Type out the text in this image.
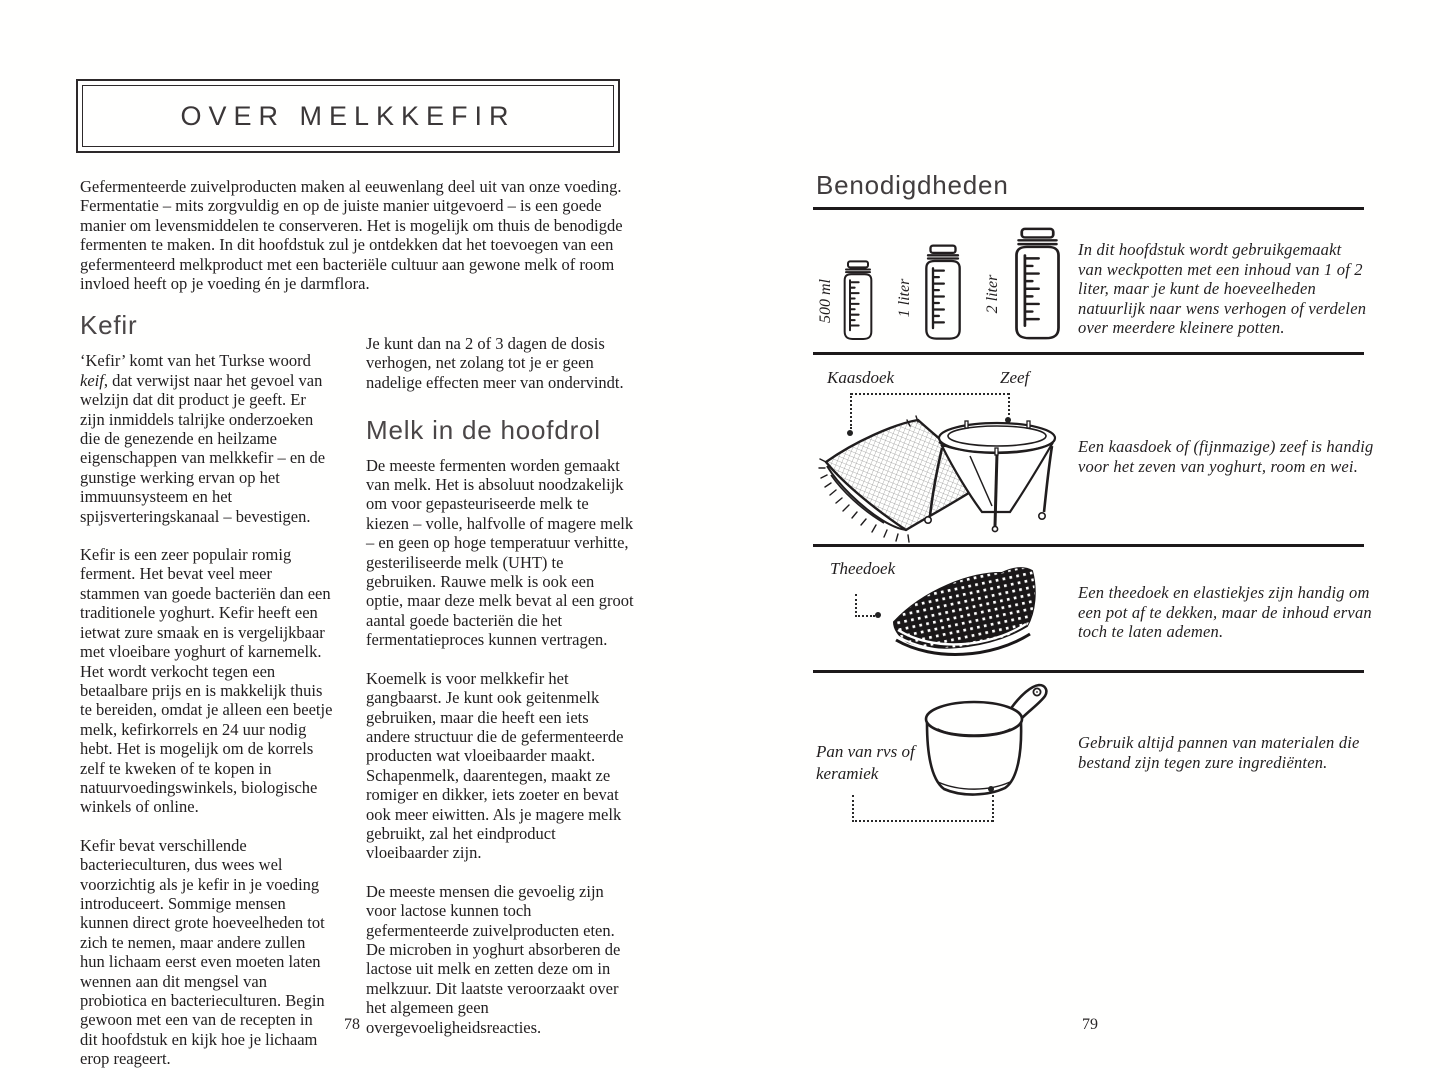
OVER MELKKEFIR
Gefermenteerde zuivelproducten maken al eeuwenlang deel uit van onze voeding. Fermentatie – mits zorgvuldig en op de juiste manier uitgevoerd – is een goede manier om levensmiddelen te conserveren. Het is mogelijk om thuis de benodigde fermenten te maken. In dit hoofdstuk zul je ontdekken dat het toevoegen van een gefermenteerd melkproduct met een bacteriële cultuur aan gewone melk of room invloed heeft op je voeding én je darmflora.
Kefir

‘Kefir’ komt van het Turkse woord keif, dat verwijst naar het gevoel van welzijn dat dit product je geeft. Er zijn inmiddels talrijke onderzoeken die de genezende en heilzame eigenschappen van melkkefir – en de gunstige werking ervan op het immuunsysteem en het spijsverteringskanaal – bevestigen.

Kefir is een zeer populair romig ferment. Het bevat veel meer stammen van goede bacteriën dan een traditionele yoghurt. Kefir heeft een ietwat zure smaak en is vergelijkbaar met vloeibare yoghurt of karnemelk. Het wordt verkocht tegen een betaalbare prijs en is makkelijk thuis te bereiden, omdat je alleen een beetje melk, kefirkorrels en 24 uur nodig hebt. Het is mogelijk om de korrels zelf te kweken of te kopen in natuurvoedingswinkels, biologische winkels of online.

Kefir bevat verschillende bacterieculturen, dus wees wel voorzichtig als je kefir in je voeding introduceert. Sommige mensen kunnen direct grote hoeveelheden tot zich te nemen, maar andere zullen hun lichaam eerst even moeten laten wennen aan dit mengsel van probiotica en bacterieculturen. Begin gewoon met een van de recepten in dit hoofdstuk en kijk hoe je lichaam erop reageert.

Je kunt dan na 2 of 3 dagen de dosis verhogen, net zolang tot je er geen nadelige effecten meer van ondervindt.

Melk in de hoofdrol

De meeste fermenten worden gemaakt van melk. Het is absoluut noodzakelijk om voor gepasteuriseerde melk te kiezen – volle, halfvolle of magere melk – en geen op hoge temperatuur verhitte, gesteriliseerde melk (UHT) te gebruiken. Rauwe melk is ook een optie, maar deze melk bevat al een groot aantal goede bacteriën die het fermentatieproces kunnen vertragen.

Koemelk is voor melkkefir het gangbaarst. Je kunt ook geitenmelk gebruiken, maar die heeft een iets andere structuur die de gefermenteerde producten wat vloeibaarder maakt. Schapenmelk, daarentegen, maakt ze romiger en dikker, iets zoeter en bevat ook meer eiwitten. Als je magere melk gebruikt, zal het eindproduct vloeibaarder zijn.

De meeste mensen die gevoelig zijn voor lactose kunnen toch gefermenteerde zuivelproducten eten. De microben in yoghurt absorberen de lactose uit melk en zetten deze om in melkzuur. Dit laatste veroorzaakt over het algemeen geen overgevoeligheidsreacties.

78
Benodigdheden
500 ml	1 liter	2 liter
In dit hoofdstuk wordt gebruikgemaakt van weckpotten met een inhoud van 1 of 2 liter, maar je kunt de hoeveelheden natuurlijk naar wens verhogen of verdelen over meerdere kleinere potten.
Kaasdoek	Zeef
Een kaasdoek of (fijnmazige) zeef is handig voor het zeven van yoghurt, room en wei.
Theedoek
Een theedoek en elastiekjes zijn handig om een pot af te dekken, maar de inhoud ervan toch te laten ademen.
Pan van rvs of keramiek
Gebruik altijd pannen van materialen die bestand zijn tegen zure ingrediënten.
79
